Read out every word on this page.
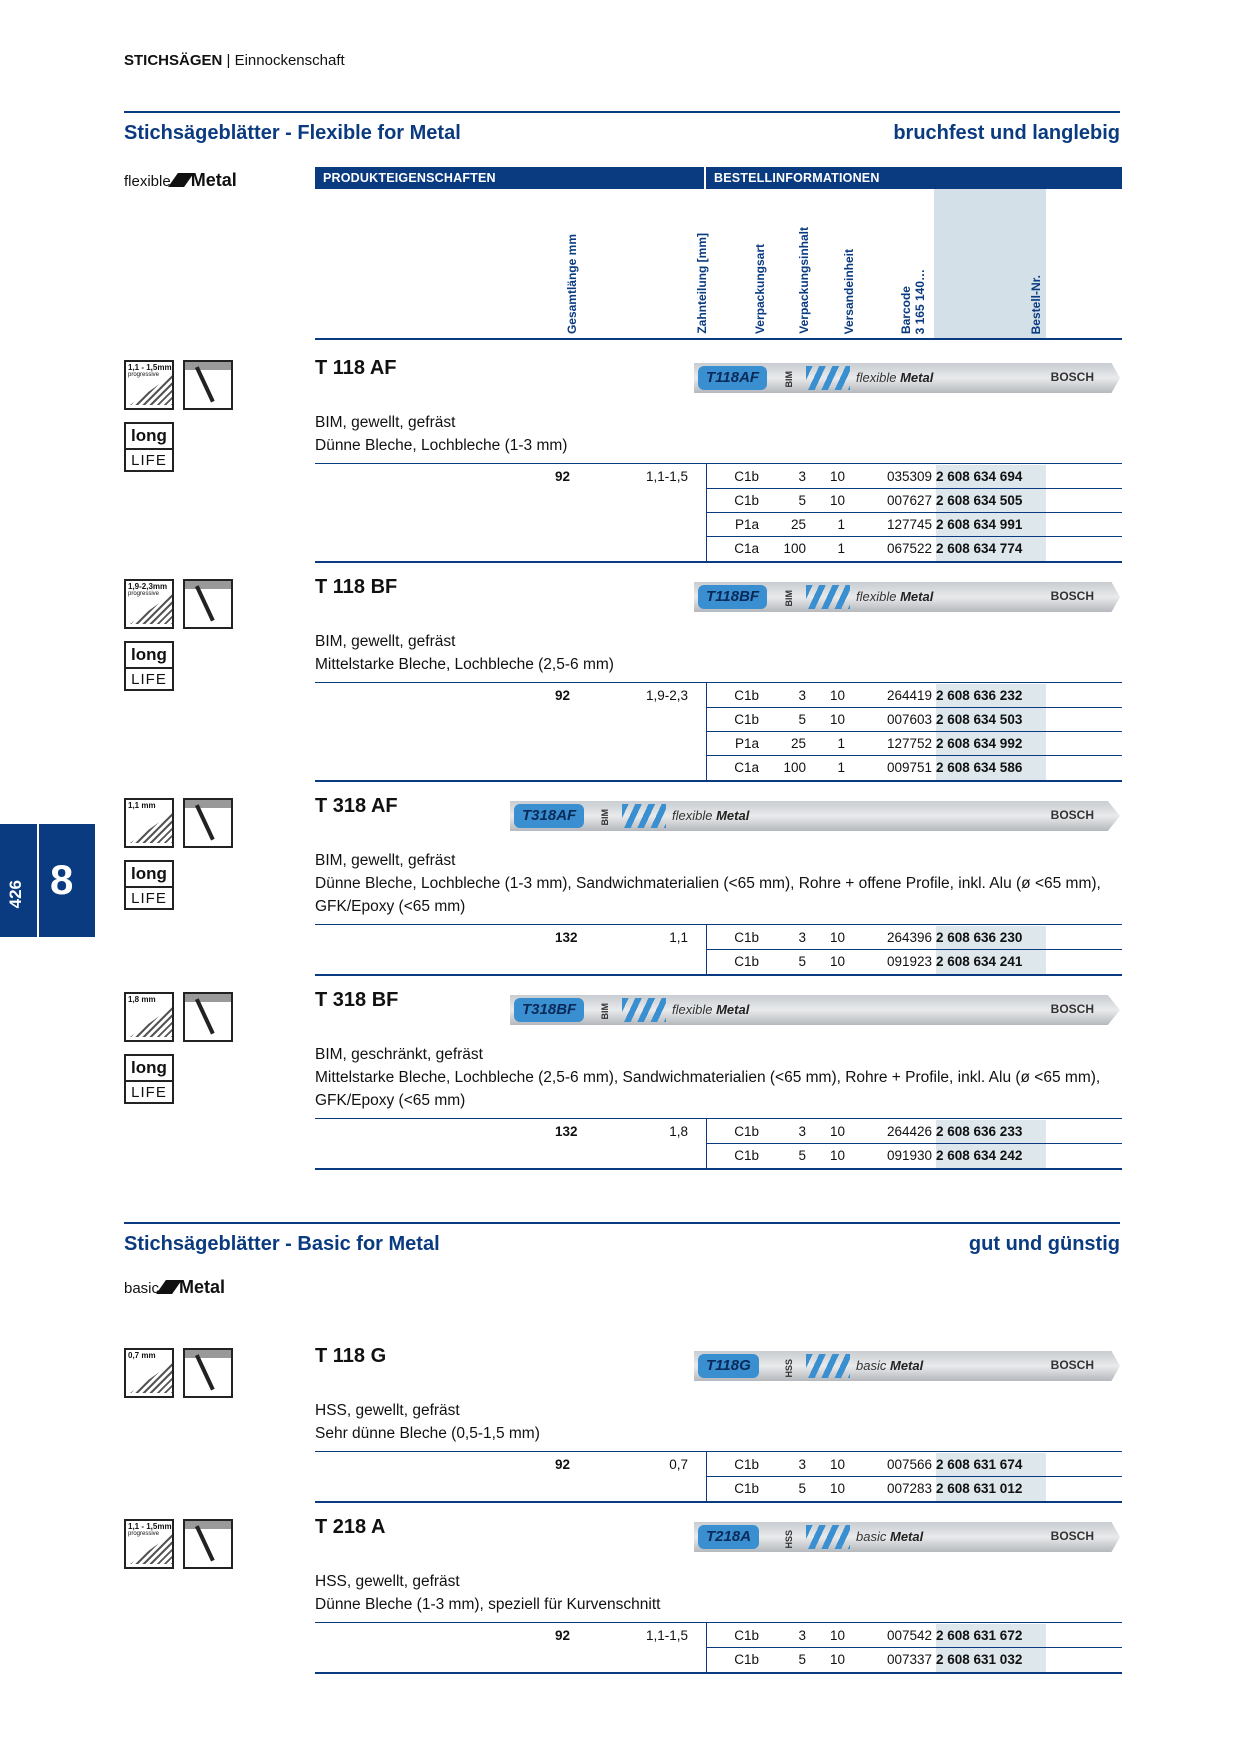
STICHSÄGEN | Einnockenschaft
426 8
Stichsägeblätter - Flexible for Metal	bruchfest und langlebig
flexible Metal	PRODUKTEIGENSCHAFTEN	BESTELLINFORMATIONEN
Gesamtlänge mm	Zahnteilung [mm]	Verpackungsart	Verpackungsinhalt	Versandeinheit	Barcode 3 165 140…	Bestell-Nr.
Stichsägeblätter - Basic for Metal	gut und günstig
basic Metal
1,1 - 1,5mm
progressive
long
LIFE
T 118 AF	T118AF	BIM	flexible Metal	BOSCH
BIM, gewellt, gefräst
Dünne Bleche, Lochbleche (1-3 mm)
92	1,1-1,5	C1b	3 10	035309 2 608 634 694
C1b	5 10	007627 2 608 634 505
P1a 25 1	127745 2 608 634 991
C1a 100 1	067522 2 608 634 774
1,9-2,3mm
progressive
long
LIFE
T 118 BF	T118BF	BIM	flexible Metal	BOSCH
BIM, gewellt, gefräst
Mittelstarke Bleche, Lochbleche (2,5-6 mm)
92	1,9-2,3	C1b	3 10	264419 2 608 636 232
C1b	5 10	007603 2 608 634 503
P1a 25 1	127752 2 608 634 992
C1a 100 1	009751 2 608 634 586
1,1 mm
long
LIFE
T 318 AF	T318AF	BIM	flexible Metal	BOSCH
BIM, gewellt, gefräst
Dünne Bleche, Lochbleche (1-3 mm), Sandwichmaterialien (<65 mm), Rohre + offene Profile, inkl. Alu (ø <65 mm), GFK/Epoxy (<65 mm)
132	1,1	C1b	3 10	264396 2 608 636 230
C1b	5 10	091923 2 608 634 241
1,8 mm
long
LIFE
T 318 BF	T318BF	BIM	flexible Metal	BOSCH
BIM, geschränkt, gefräst
Mittelstarke Bleche, Lochbleche (2,5-6 mm), Sandwichmaterialien (<65 mm), Rohre + Profile, inkl. Alu (ø <65 mm), GFK/Epoxy (<65 mm)
132	1,8	C1b	3 10	264426 2 608 636 233
C1b	5 10	091930 2 608 634 242
0,7 mm	T 118 G	T118G	HSS	basic Metal	BOSCH
HSS, gewellt, gefräst
Sehr dünne Bleche (0,5-1,5 mm)
92	0,7	C1b	3 10	007566 2 608 631 674
C1b	5 10	007283 2 608 631 012
1,1 - 1,5mm
progressive	T 218 A	T218A	HSS	basic Metal	BOSCH
HSS, gewellt, gefräst
Dünne Bleche (1-3 mm), speziell für Kurvenschnitt
92	1,1-1,5	C1b	3 10	007542 2 608 631 672
C1b	5 10	007337 2 608 631 032
